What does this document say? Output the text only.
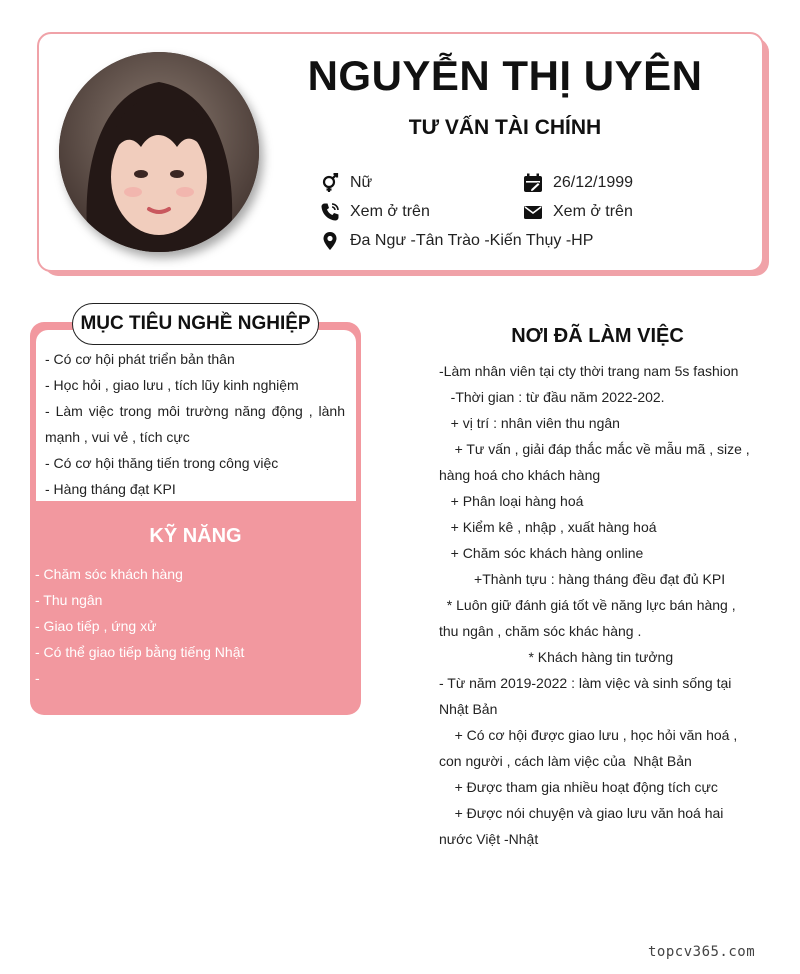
NGUYỄN THỊ UYÊN
TƯ VẤN TÀI CHÍNH
Nữ	26/12/1999
Xem ở trên	Xem ở trên
Đa Ngư -Tân Trào -Kiến Thụy -HP
MỤC TIÊU NGHỀ NGHIỆP
- Có cơ hội phát triển bản thân
- Học hỏi , giao lưu , tích lũy kinh nghiệm
- Làm việc trong môi trường năng động , lành mạnh , vui vẻ , tích cực
- Có cơ hội thăng tiến trong công việc
- Hàng tháng đạt KPI
KỸ NĂNG
- Chăm sóc khách hàng
- Thu ngân
- Giao tiếp , ứng xử
- Có thể giao tiếp bằng tiếng Nhật
-
NƠI ĐÃ LÀM VIỆC
-Làm nhân viên tại cty thời trang nam 5s fashion
-Thời gian : từ đầu năm 2022-202.
+ vị trí : nhân viên thu ngân
+ Tư vấn , giải đáp thắc mắc về mẫu mã , size , hàng hoá cho khách hàng
+ Phân loại hàng hoá
+ Kiểm kê , nhập , xuất hàng hoá
+ Chăm sóc khách hàng online
+Thành tựu : hàng tháng đều đạt đủ KPI
* Luôn giữ đánh giá tốt về năng lực bán hàng , thu ngân , chăm sóc khác hàng .
* Khách hàng tin tưởng
- Từ năm 2019-2022 : làm việc và sinh sống tại Nhật Bản
+ Có cơ hội được giao lưu , học hỏi văn hoá , con người , cách làm việc của  Nhật Bản
+ Được tham gia nhiều hoạt động tích cực
+ Được nói chuyện và giao lưu văn hoá hai nước Việt -Nhật
topcv365.com
